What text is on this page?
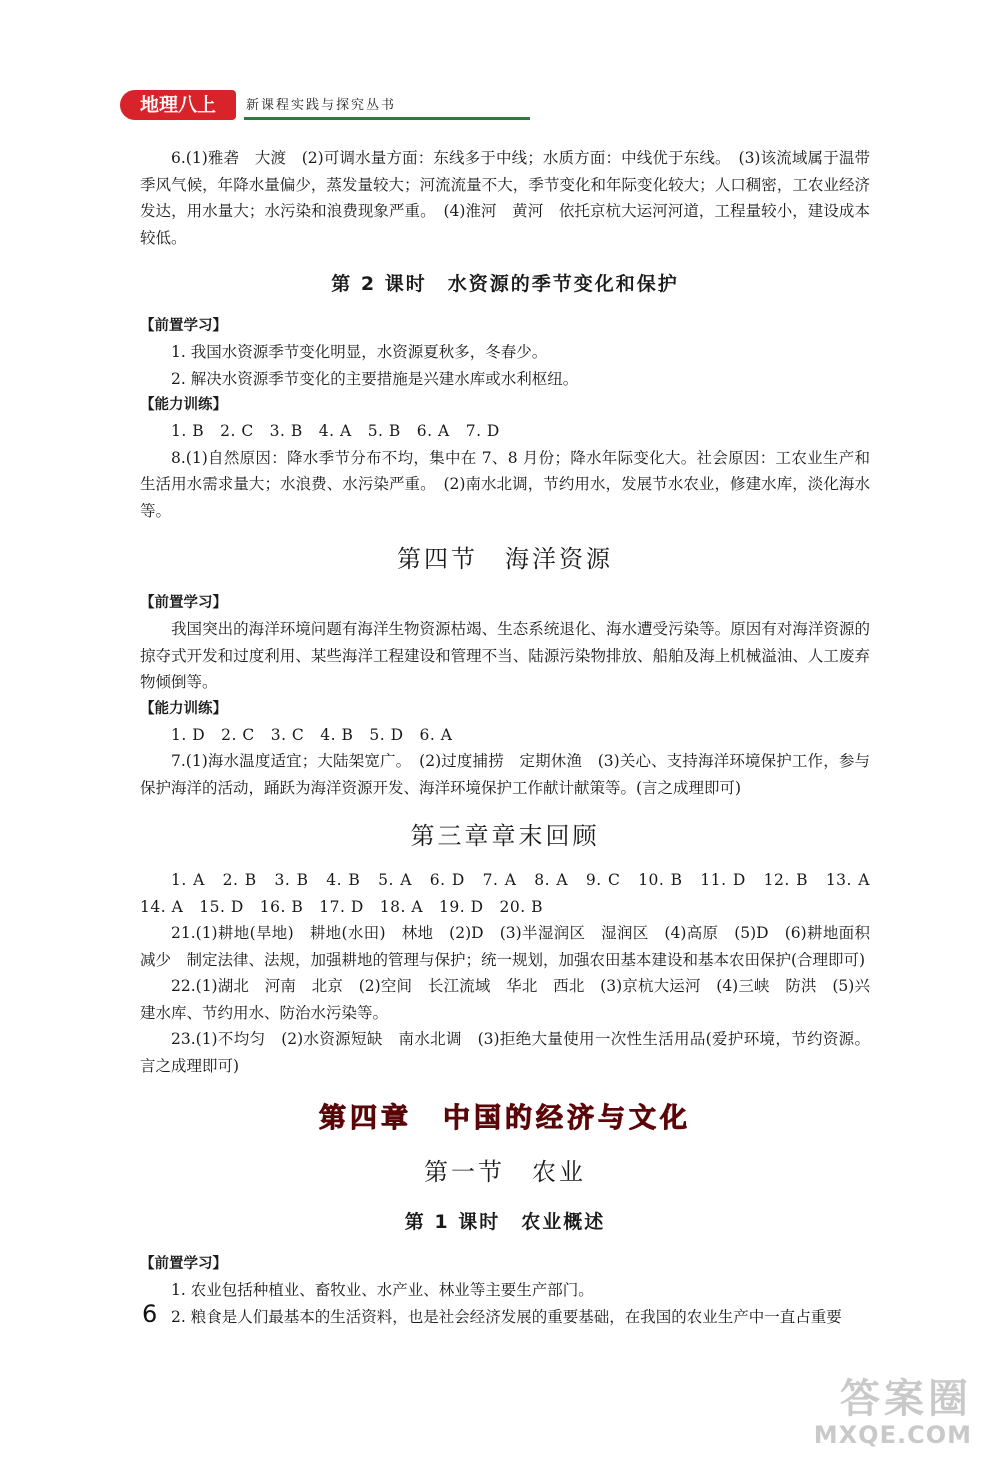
地理八上	新课程实践与探究丛书

6.(1)雅砻　大渡　(2)可调水量方面：东线多于中线；水质方面：中线优于东线。　(3)该流域属于温带季风气候，年降水量偏少，蒸发量较大；河流流量不大，季节变化和年际变化较大；人口稠密，工农业经济发达，用水量大；水污染和浪费现象严重。　(4)淮河　黄河　依托京杭大运河河道，工程量较小，建设成本较低。

第 2 课时　水资源的季节变化和保护

【前置学习】

1. 我国水资源季节变化明显，水资源夏秋多，冬春少。

2. 解决水资源季节变化的主要措施是兴建水库或水利枢纽。

【能力训练】

1. B　2. C　3. B　4. A　5. B　6. A　7. D

8.(1)自然原因：降水季节分布不均，集中在 7、8 月份；降水年际变化大。社会原因：工农业生产和生活用水需求量大；水浪费、水污染严重。　(2)南水北调，节约用水，发展节水农业，修建水库，淡化海水等。

第四节　海洋资源

【前置学习】

我国突出的海洋环境问题有海洋生物资源枯竭、生态系统退化、海水遭受污染等。原因有对海洋资源的掠夺式开发和过度利用、某些海洋工程建设和管理不当、陆源污染物排放、船舶及海上机械溢油、人工废弃物倾倒等。

【能力训练】

1. D　2. C　3. C　4. B　5. D　6. A

7.(1)海水温度适宜；大陆架宽广。　(2)过度捕捞　定期休渔　(3)关心、支持海洋环境保护工作，参与保护海洋的活动，踊跃为海洋资源开发、海洋环境保护工作献计献策等。(言之成理即可)

第三章章末回顾

1. A　2. B　3. B　4. B　5. A　6. D　7. A　8. A　9. C　10. B　11. D　12. B　13. A　14. A　15. D　16. B　17. D　18. A　19. D　20. B

21.(1)耕地(旱地)　耕地(水田)　林地　(2)D　(3)半湿润区　湿润区　(4)高原　(5)D　(6)耕地面积减少　制定法律、法规，加强耕地的管理与保护；统一规划，加强农田基本建设和基本农田保护(合理即可)

22.(1)湖北　河南　北京　(2)空间　长江流域　华北　西北　(3)京杭大运河　(4)三峡　防洪　(5)兴建水库、节约用水、防治水污染等。

23.(1)不均匀　(2)水资源短缺　南水北调　(3)拒绝大量使用一次性生活用品(爱护环境，节约资源。言之成理即可)

第四章　中国的经济与文化
第一节　农业
第 1 课时　农业概述

【前置学习】

1. 农业包括种植业、畜牧业、水产业、林业等主要生产部门。

2. 粮食是人们最基本的生活资料，也是社会经济发展的重要基础，在我国的农业生产中一直占重要

6
答案圈
MXQE.COM
